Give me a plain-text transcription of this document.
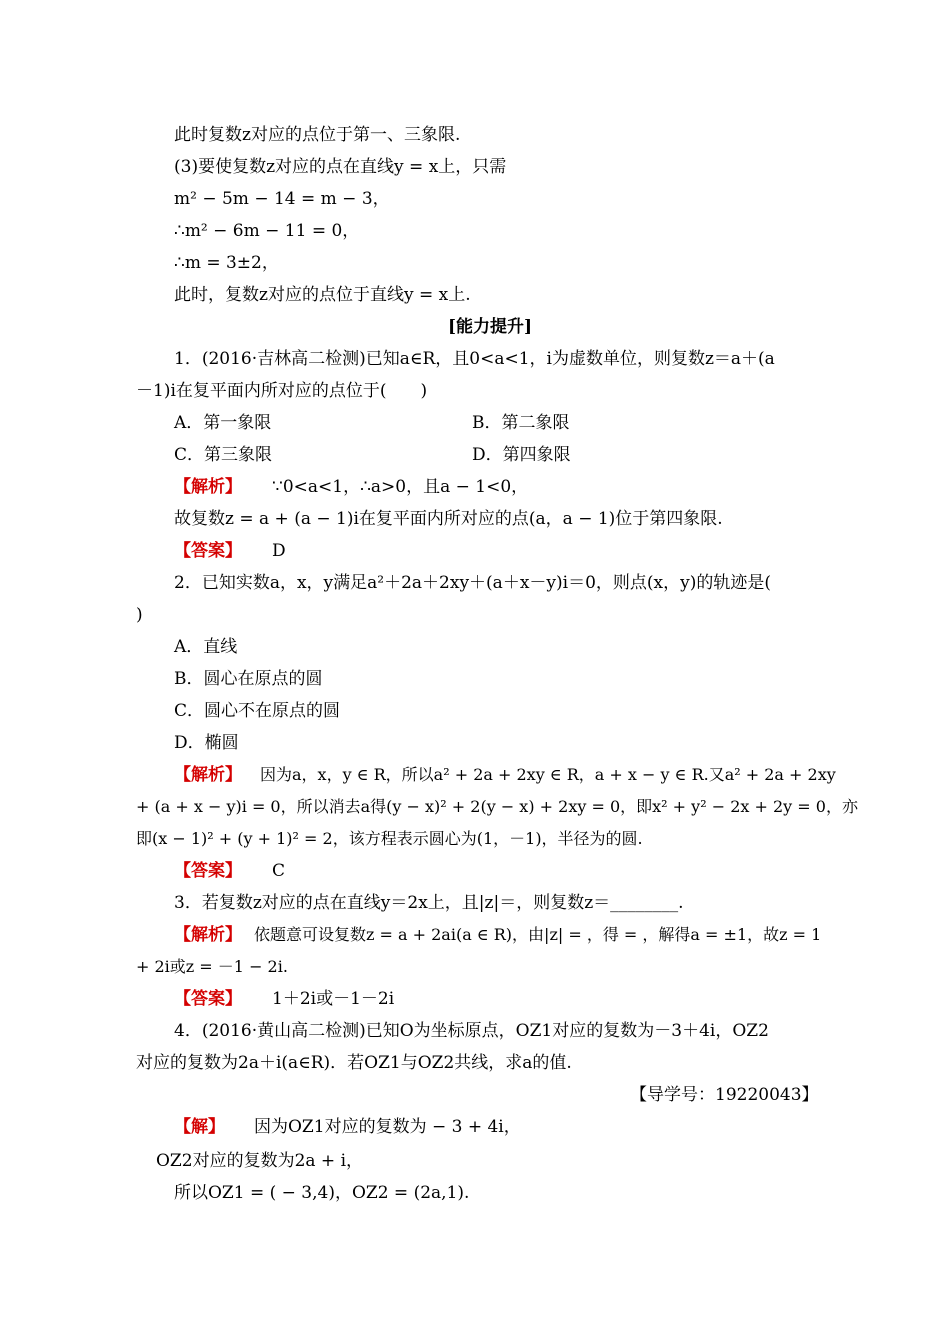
此时复数z对应的点位于第一、三象限.
(3)要使复数z对应的点在直线y = x上，只需
m² − 5m − 14 = m − 3，
∴m² − 6m − 11 = 0，
∴m = 3±2，
此时，复数z对应的点位于直线y = x上.
[能力提升]
1．(2016·吉林高二检测)已知a∈R，且0<a<1，i为虚数单位，则复数z＝a＋(a
－1)i在复平面内所对应的点位于(　　)
A．第一象限	B．第二象限
C．第三象限	D．第四象限
【解析】 ∵0<a<1，∴a>0，且a − 1<0，
故复数z = a + (a − 1)i在复平面内所对应的点(a，a − 1)位于第四象限.
【答案】 D
2．已知实数a，x，y满足a²＋2a＋2xy＋(a＋x－y)i＝0，则点(x，y)的轨迹是(
)
A．直线
B．圆心在原点的圆
C．圆心不在原点的圆
D．椭圆
【解析】 因为a，x，y ∈ R，所以a² + 2a + 2xy ∈ R，a + x − y ∈ R.又a² + 2a + 2xy
+ (a + x − y)i = 0，所以消去a得(y − x)² + 2(y − x) + 2xy = 0，即x² + y² − 2x + 2y = 0，亦
即(x − 1)² + (y + 1)² = 2，该方程表示圆心为(1，－1)，半径为的圆.
【答案】 C
3．若复数z对应的点在直线y＝2x上，且|z|＝，则复数z＝________.
【解析】 依题意可设复数z = a + 2ai(a ∈ R)，由|z| = ，得 = ，解得a = ±1，故z = 1
+ 2i或z = －1 − 2i.
【答案】 1＋2i或－1－2i
4．(2016·黄山高二检测)已知O为坐标原点，OZ1对应的复数为－3＋4i，OZ2
对应的复数为2a＋i(a∈R)．若OZ1与OZ2共线，求a的值.
【导学号：19220043】
【解】 因为OZ1对应的复数为 − 3 + 4i，
OZ2对应的复数为2a + i，
所以OZ1 = ( − 3,4)，OZ2 = (2a,1).
